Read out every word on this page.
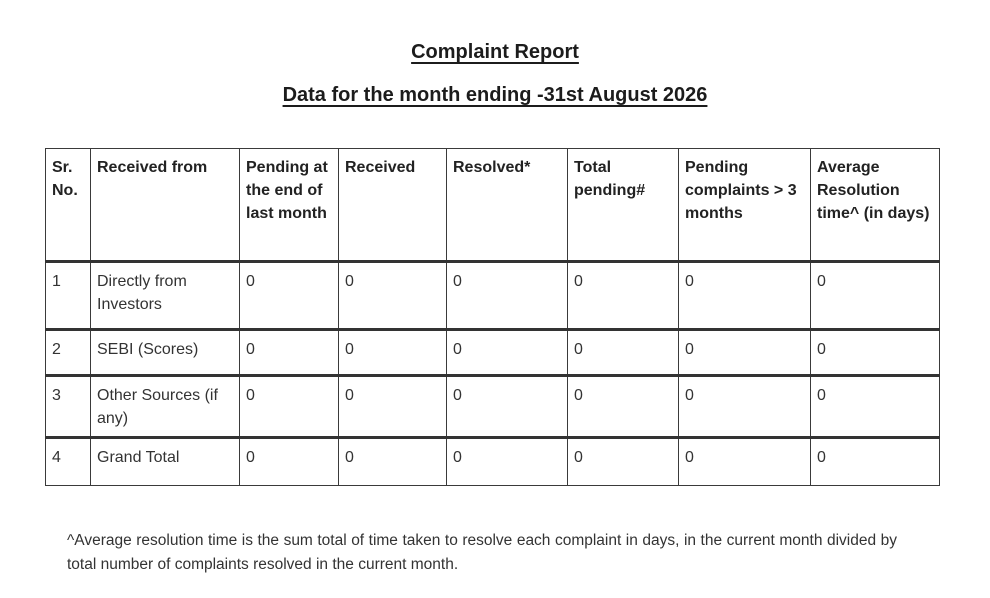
Complaint Report
Data for the month ending -31st August 2026
Sr. No.	Received from	Pending at the end of last month	Received	Resolved*	Total pending#	Pending complaints > 3 months	Average Resolution time^ (in days)
1	Directly from Investors	0	0	0	0	0	0
2	SEBI (Scores)	0	0	0	0	0	0
3	Other Sources (if any)	0	0	0	0	0	0
4	Grand Total	0	0	0	0	0	0

^Average resolution time is the sum total of time taken to resolve each complaint in days, in the current month divided by total number of complaints resolved in the current month.
